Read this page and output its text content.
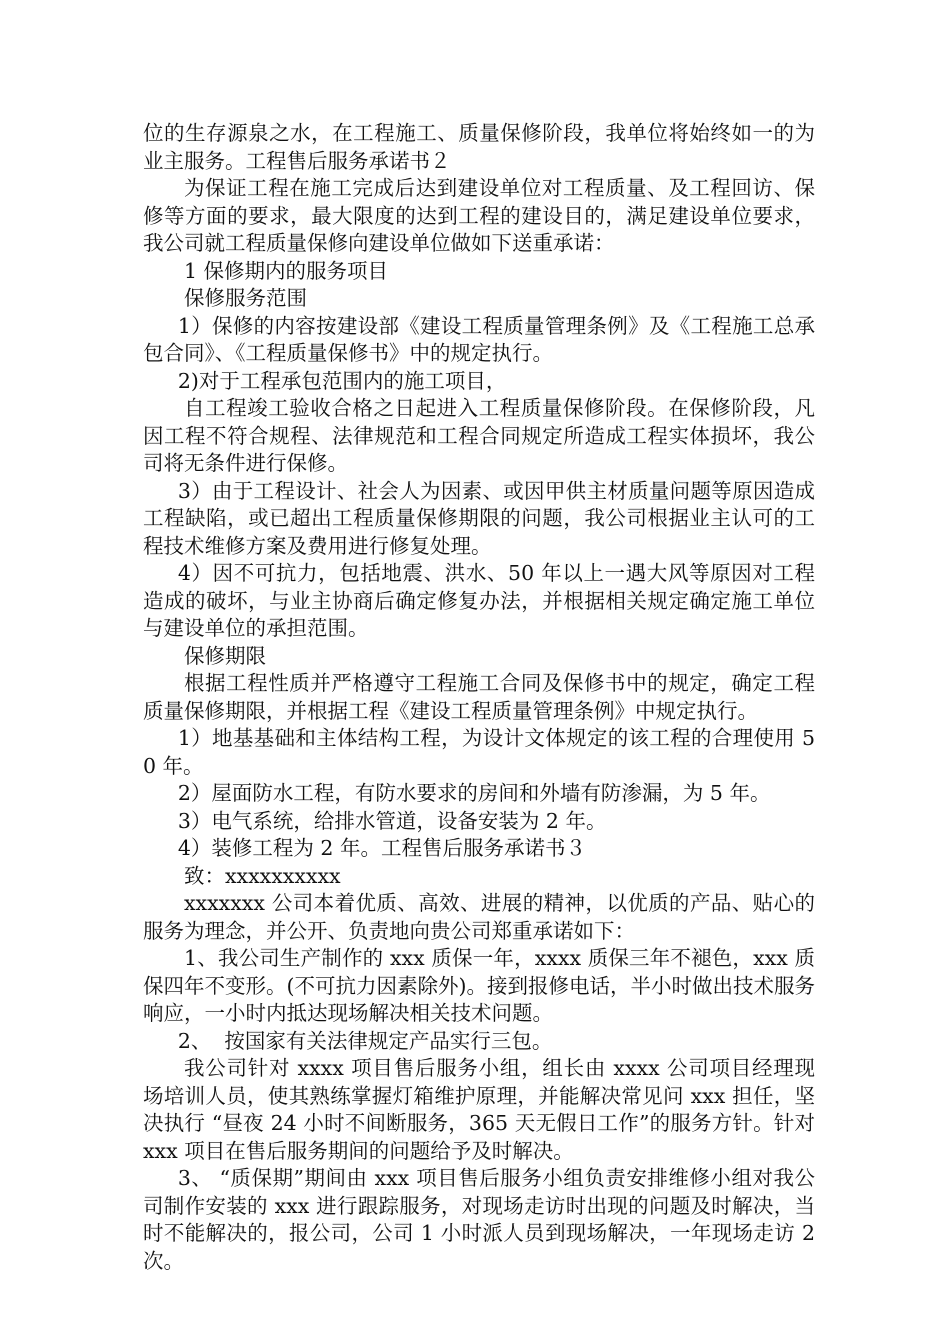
位的生存源泉之水，在工程施工、质量保修阶段，我单位将始终如一的为业主服务。工程售后服务承诺书２

为保证工程在施工完成后达到建设单位对工程质量、及工程回访、保修等方面的要求，最大限度的达到工程的建设目的，满足建设单位要求，我公司就工程质量保修向建设单位做如下送重承诺：

1 保修期内的服务项目

保修服务范围

1）保修的内容按建设部《建设工程质量管理条例》及《工程施工总承包合同》、《工程质量保修书》中的规定执行。

2)对于工程承包范围内的施工项目，

自工程竣工验收合格之日起进入工程质量保修阶段。在保修阶段，凡因工程不符合规程、法律规范和工程合同规定所造成工程实体损坏，我公司将无条件进行保修。

3）由于工程设计、社会人为因素、或因甲供主材质量问题等原因造成工程缺陷，或已超出工程质量保修期限的问题，我公司根据业主认可的工程技术维修方案及费用进行修复处理。

4）因不可抗力，包括地震、洪水、50 年以上一遇大风等原因对工程造成的破坏，与业主协商后确定修复办法，并根据相关规定确定施工单位与建设单位的承担范围。

保修期限

根据工程性质并严格遵守工程施工合同及保修书中的规定，确定工程质量保修期限，并根据工程《建设工程质量管理条例》中规定执行。

1）地基基础和主体结构工程，为设计文体规定的该工程的合理使用 50 年。

2）屋面防水工程，有防水要求的房间和外墙有防渗漏，为 5 年。

3）电气系统，给排水管道，设备安装为 2 年。

4）装修工程为 2 年。工程售后服务承诺书３

致：xxxxxxxxxx

xxxxxxx 公司本着优质、高效、进展的精神，以优质的产品、贴心的服务为理念，并公开、负责地向贵公司郑重承诺如下：

1、我公司生产制作的 xxx 质保一年，xxxx 质保三年不褪色，xxx 质保四年不变形。(不可抗力因素除外)。接到报修电话，半小时做出技术服务响应，一小时内抵达现场解决相关技术问题。

2、  按国家有关法律规定产品实行三包。

我公司针对 xxxx 项目售后服务小组，组长由 xxxx 公司项目经理现场培训人员，使其熟练掌握灯箱维护原理，并能解决常见问 xxx 担任，坚决执行 “昼夜 24 小时不间断服务，365 天无假日工作”的服务方针。针对 xxx 项目在售后服务期间的问题给予及时解决。

3、 “质保期”期间由 xxx 项目售后服务小组负责安排维修小组对我公司制作安装的 xxx 进行跟踪服务，对现场走访时出现的问题及时解决，当时不能解决的，报公司，公司 1 小时派人员到现场解决，一年现场走访 2 次。
